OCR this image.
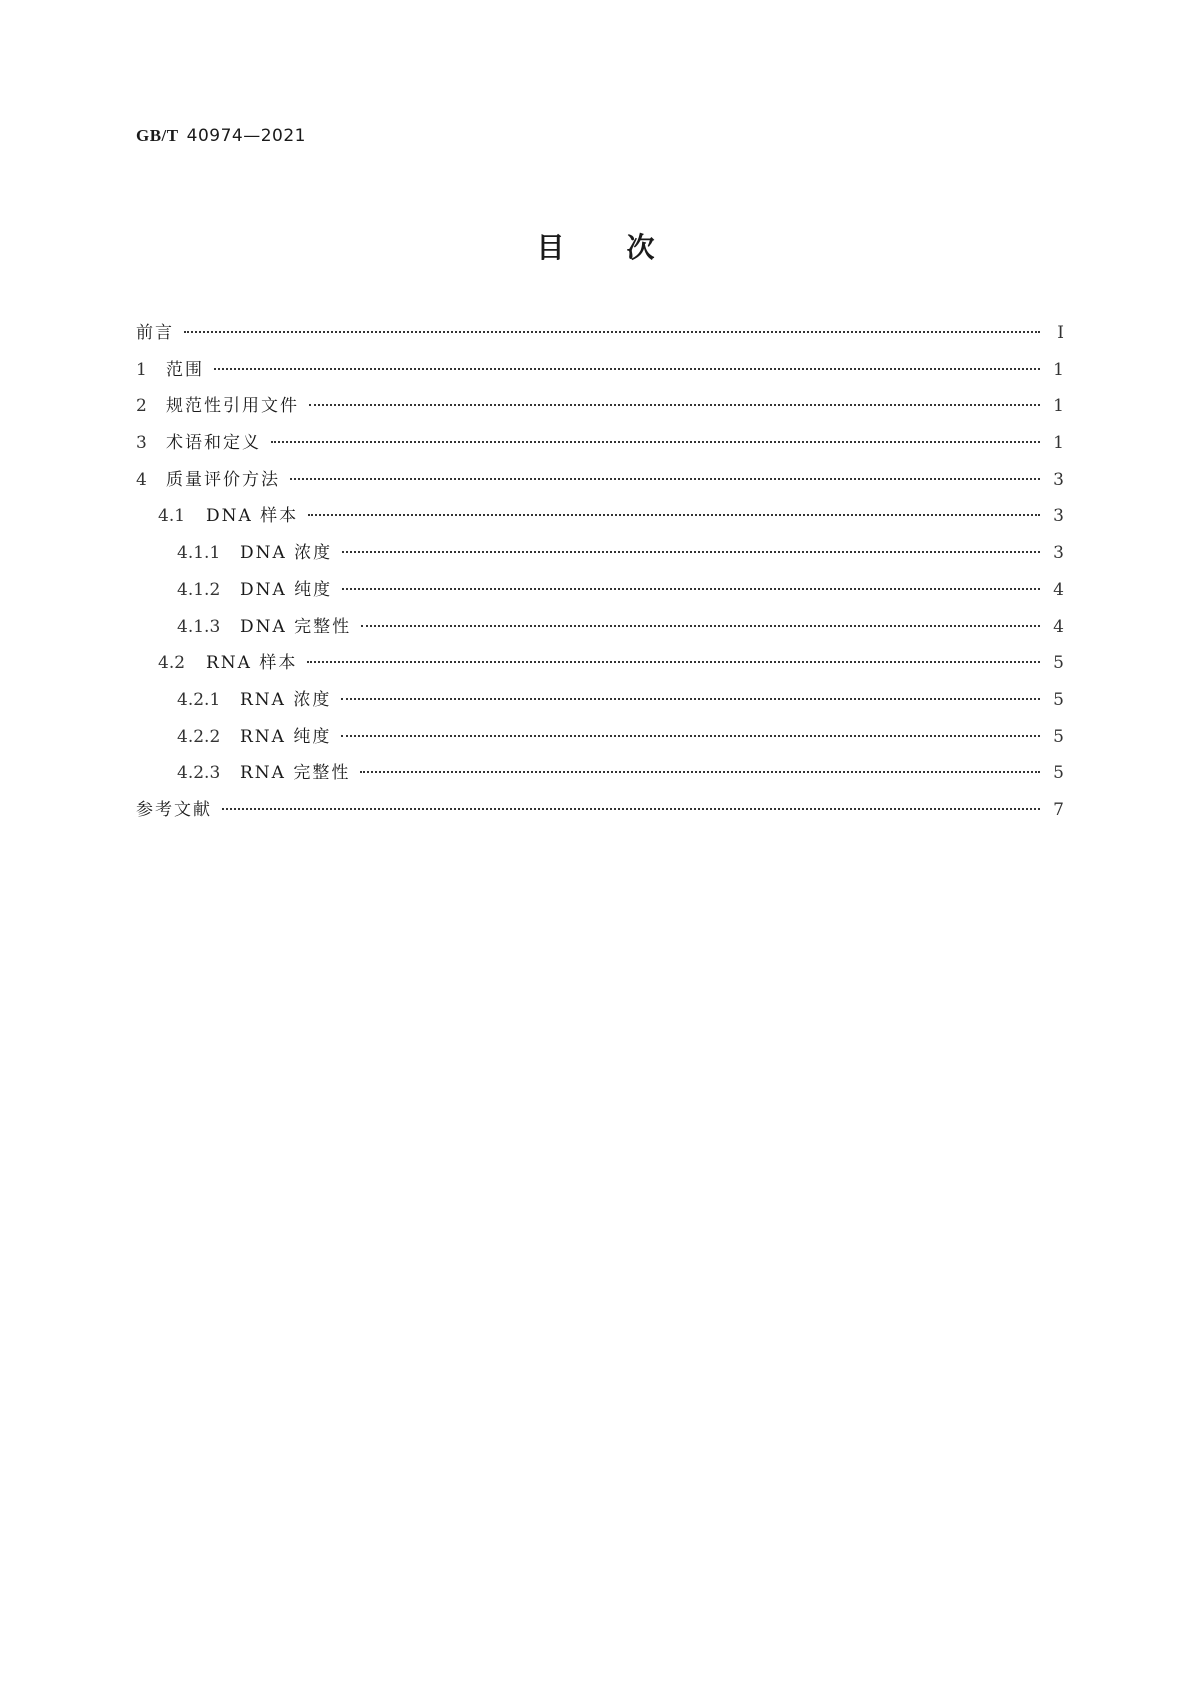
GB/T 40974—2021
目次
前言	Ⅰ
1	范围	1
2	规范性引用文件	1
3	术语和定义	1
4	质量评价方法	3
4.1	DNA 样本	3
4.1.1	DNA 浓度	3
4.1.2	DNA 纯度	4
4.1.3	DNA 完整性	4
4.2	RNA 样本	5
4.2.1	RNA 浓度	5
4.2.2	RNA 纯度	5
4.2.3	RNA 完整性	5
参考文献	7
